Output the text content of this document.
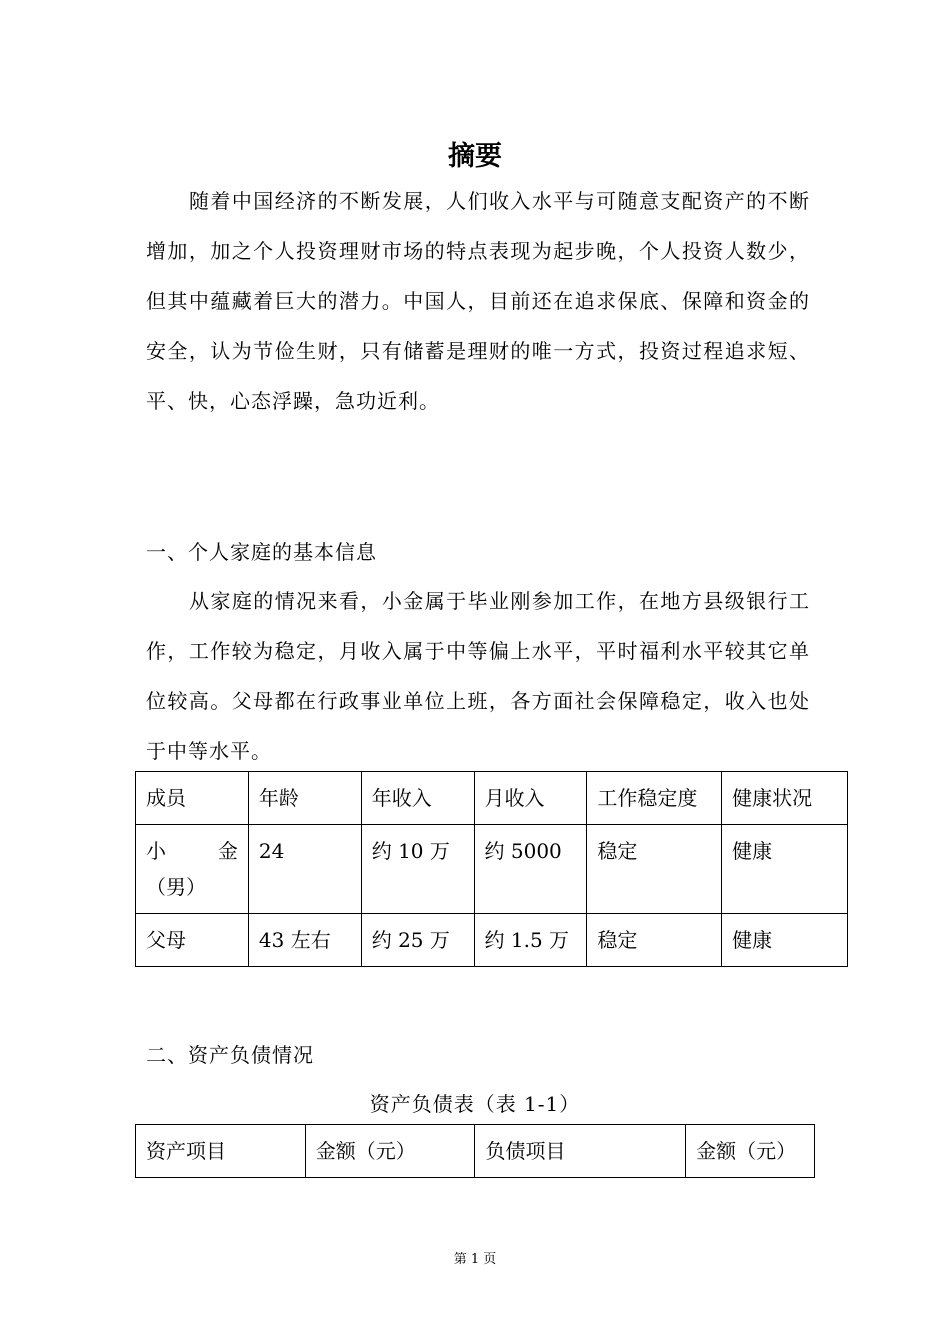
摘要
随着中国经济的不断发展，人们收入水平与可随意支配资产的不断增加，加之个人投资理财市场的特点表现为起步晚，个人投资人数少，但其中蕴藏着巨大的潜力。中国人，目前还在追求保底、保障和资金的安全，认为节俭生财，只有储蓄是理财的唯一方式，投资过程追求短、平、快，心态浮躁，急功近利。
一、个人家庭的基本信息
从家庭的情况来看，小金属于毕业刚参加工作，在地方县级银行工作，工作较为稳定，月收入属于中等偏上水平，平时福利水平较其它单位较高。父母都在行政事业单位上班，各方面社会保障稳定，收入也处于中等水平。
成员	年龄	年收入	月收入	工作稳定度	健康状况
小　　金（男）	24	约 10 万	约 5000	稳定	健康
父母	43 左右	约 25 万	约 1.5 万	稳定	健康
二、资产负债情况
资产负债表（表 1-1）
资产项目	金额（元）	负债项目	金额（元）
第 1 页
